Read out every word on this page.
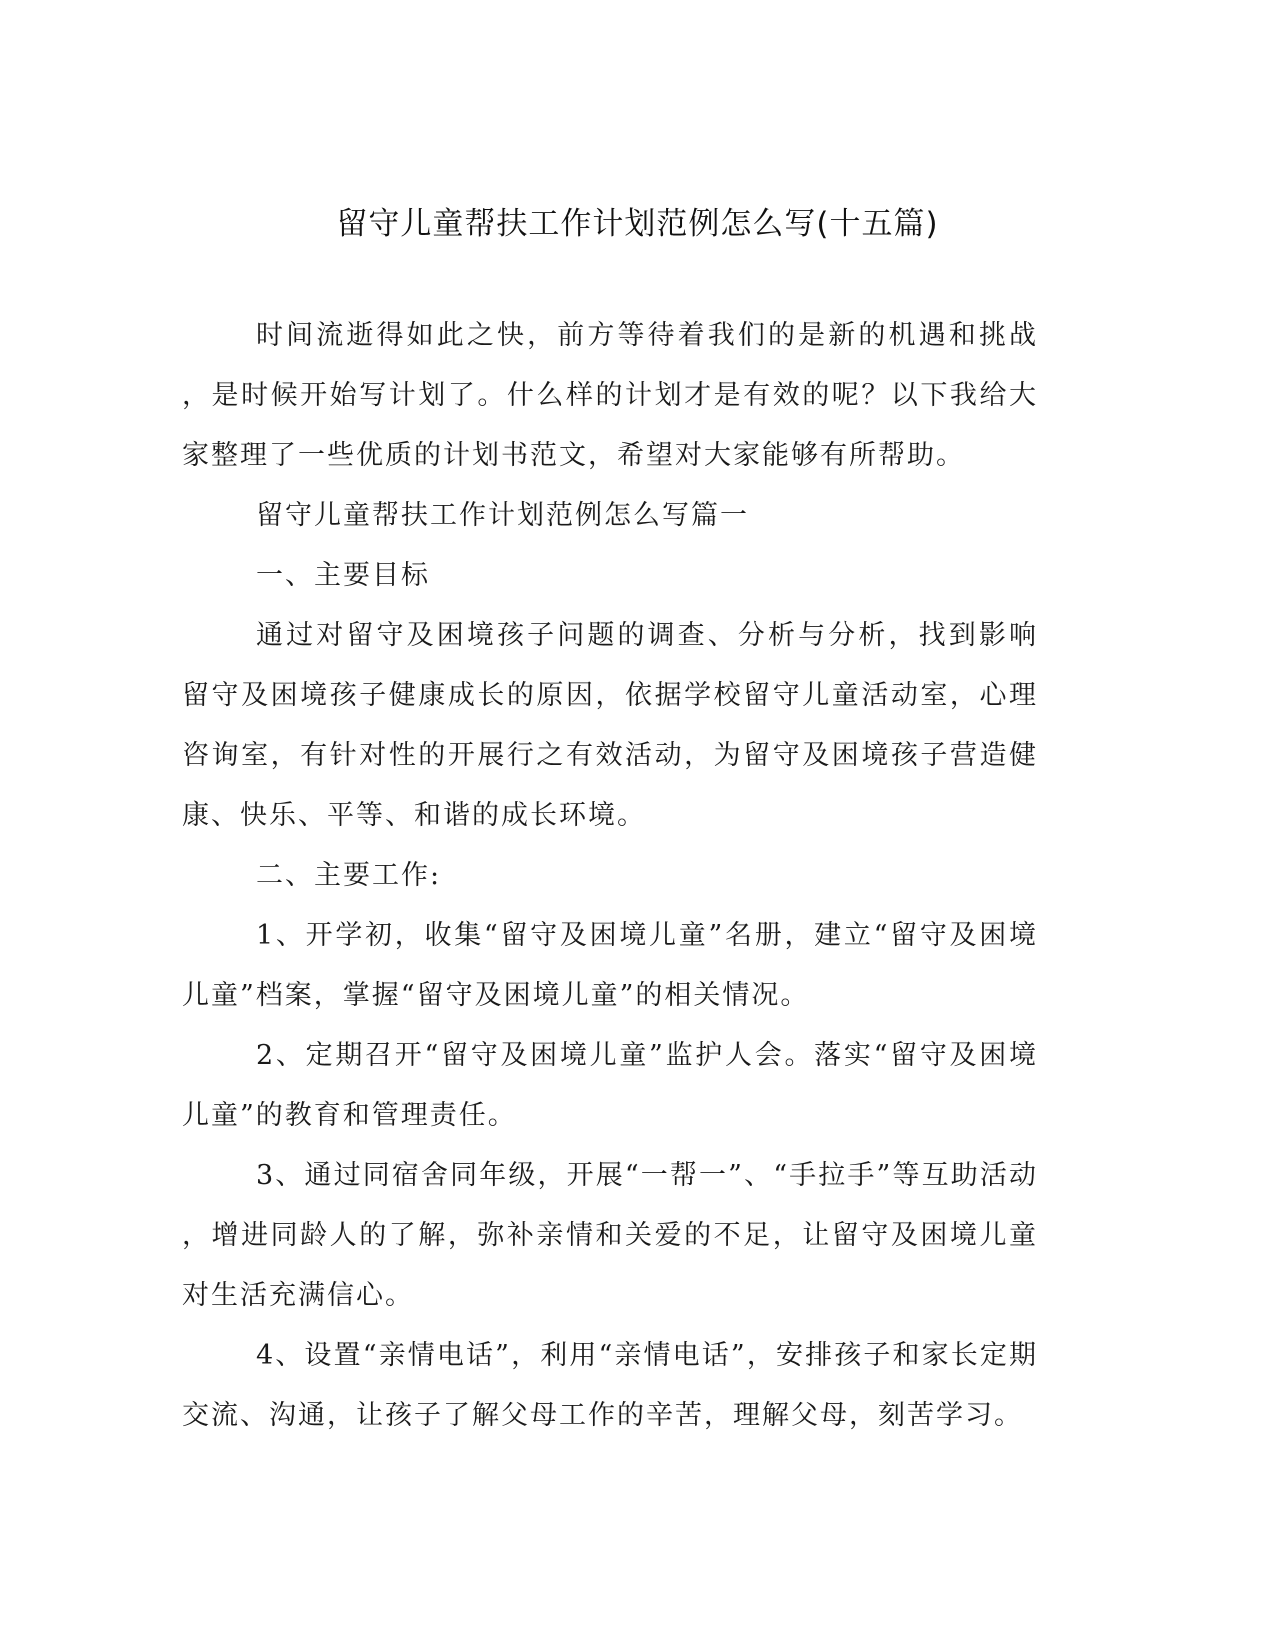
留守儿童帮扶工作计划范例怎么写(十五篇)

时间流逝得如此之快，前方等待着我们的是新的机遇和挑战，是时候开始写计划了。什么样的计划才是有效的呢？以下我给大家整理了一些优质的计划书范文，希望对大家能够有所帮助。

留守儿童帮扶工作计划范例怎么写篇一

一、主要目标

通过对留守及困境孩子问题的调查、分析与分析，找到影响留守及困境孩子健康成长的原因，依据学校留守儿童活动室，心理咨询室，有针对性的开展行之有效活动，为留守及困境孩子营造健康、快乐、平等、和谐的成长环境。

二、主要工作:

1、开学初，收集“留守及困境儿童”名册，建立“留守及困境儿童”档案，掌握“留守及困境儿童”的相关情况。

2、定期召开“留守及困境儿童”监护人会。落实“留守及困境儿童”的教育和管理责任。

3、通过同宿舍同年级，开展“一帮一”、“手拉手”等互助活动，增进同龄人的了解，弥补亲情和关爱的不足，让留守及困境儿童对生活充满信心。

4、设置“亲情电话”，利用“亲情电话”，安排孩子和家长定期交流、沟通，让孩子了解父母工作的辛苦，理解父母，刻苦学习。
